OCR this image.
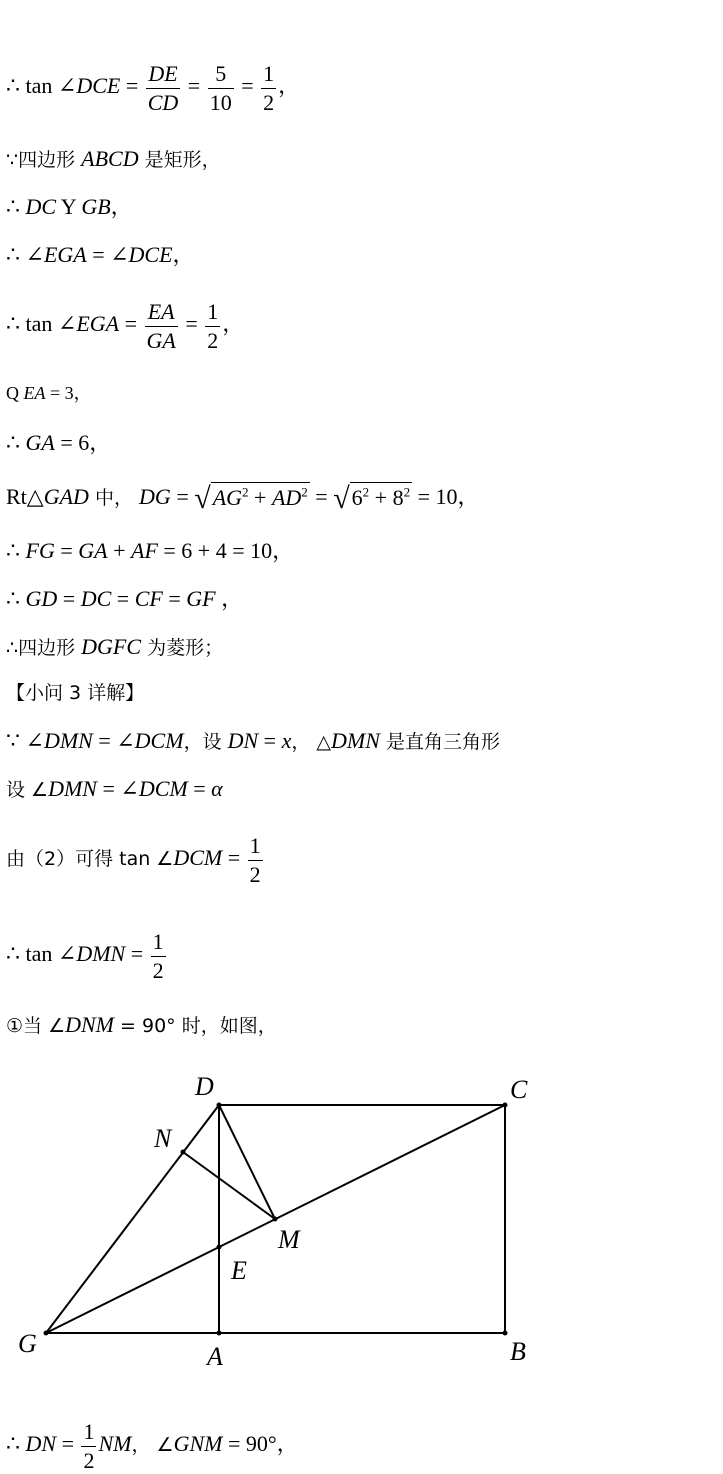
∴ tan ∠DCE = $\frac{DE}{CD} = \frac{5}{10} = \frac{1}{2}$ ，
∵四边形 ABCD 是矩形，
∴ DC Y GB，
∴ ∠EGA = ∠DCE，
∴ tan ∠EGA = $\frac{EA}{GA} = \frac{1}{2}$ ，
Q EA = 3，
∴ GA = 6，
Rt△GAD 中， DG = $√AG^2 + AD^2 = √6^2 + 8^2 = 10$，
∴ FG = GA + AF = 6 + 4 = 10，
∴ GD = DC = CF = GF ，
∴四边形 DGFC 为菱形；
【小问 3 详解】
∵ ∠DMN = ∠DCM，设 DN = x， △DMN 是直角三角形
设 ∠DMN = ∠DCM = α
由（2）可得 tan ∠DCM = $\frac{1}{2}$
∴ tan ∠DMN = $\frac{1}{2}$
①当 ∠DNM = 90° 时，如图，
D	C
N
M
E
G	A	B
∴ DN = $\frac{1}{2}$ NM， ∠GNM = 90°，
